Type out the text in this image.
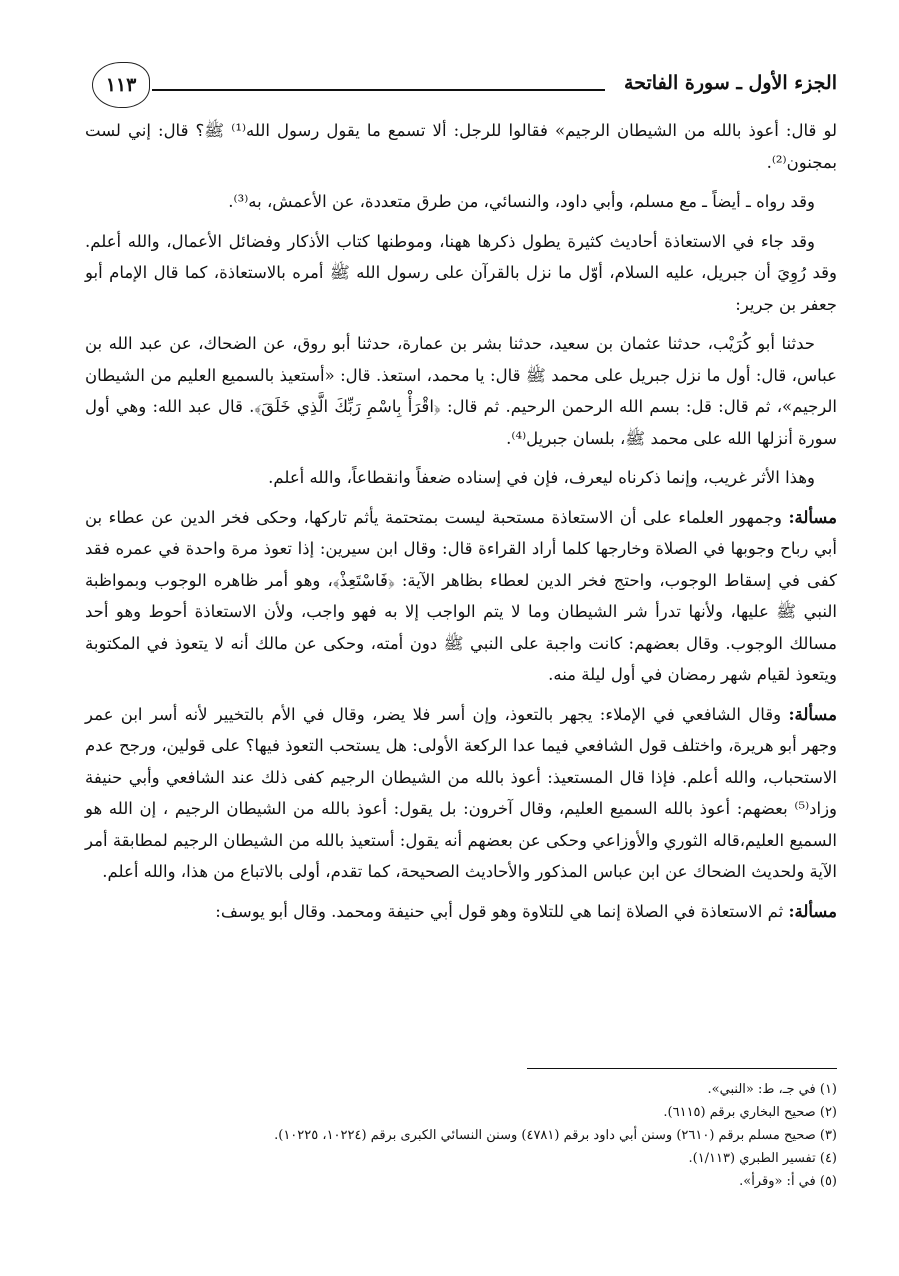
الجزء الأول ـ سورة الفاتحة
١١٣

لو قال: أعوذ بالله من الشيطان الرجيم» فقالوا للرجل: ألا تسمع ما يقول رسول الله⁽¹⁾ ﷺ؟ قال: إني لست بمجنون⁽²⁾.

وقد رواه ـ أيضاً ـ مع مسلم، وأبي داود، والنسائي، من طرق متعددة، عن الأعمش، به⁽³⁾.

وقد جاء في الاستعاذة أحاديث كثيرة يطول ذكرها ههنا، وموطنها كتاب الأذكار وفضائل الأعمال، والله أعلم. وقد رُوِيَ أن جبريل، عليه السلام، أوّل ما نزل بالقرآن على رسول الله ﷺ أمره بالاستعاذة، كما قال الإمام أبو جعفر بن جرير:

حدثنا أبو كُرَيْب، حدثنا عثمان بن سعيد، حدثنا بشر بن عمارة، حدثنا أبو روق، عن الضحاك، عن عبد الله بن عباس، قال: أول ما نزل جبريل على محمد ﷺ قال: يا محمد، استعذ. قال: «أستعيذ بالسميع العليم من الشيطان الرجيم»، ثم قال: قل: بسم الله الرحمن الرحيم. ثم قال: ﴿اقْرَأْ بِاسْمِ رَبِّكَ الَّذِي خَلَقَ﴾. قال عبد الله: وهي أول سورة أنزلها الله على محمد ﷺ، بلسان جبريل⁽⁴⁾.

وهذا الأثر غريب، وإنما ذكرناه ليعرف، فإن في إسناده ضعفاً وانقطاعاً، والله أعلم.

مسألة: وجمهور العلماء على أن الاستعاذة مستحبة ليست بمتحتمة يأثم تاركها، وحكى فخر الدين عن عطاء بن أبي رباح وجوبها في الصلاة وخارجها كلما أراد القراءة قال: وقال ابن سيرين: إذا تعوذ مرة واحدة في عمره فقد كفى في إسقاط الوجوب، واحتج فخر الدين لعطاء بظاهر الآية: ﴿فَاسْتَعِذْ﴾، وهو أمر ظاهره الوجوب وبمواظبة النبي ﷺ عليها، ولأنها تدرأ شر الشيطان وما لا يتم الواجب إلا به فهو واجب، ولأن الاستعاذة أحوط وهو أحد مسالك الوجوب. وقال بعضهم: كانت واجبة على النبي ﷺ دون أمته، وحكى عن مالك أنه لا يتعوذ في المكتوبة ويتعوذ لقيام شهر رمضان في أول ليلة منه.

مسألة: وقال الشافعي في الإملاء: يجهر بالتعوذ، وإن أسر فلا يضر، وقال في الأم بالتخيير لأنه أسر ابن عمر وجهر أبو هريرة، واختلف قول الشافعي فيما عدا الركعة الأولى: هل يستحب التعوذ فيها؟ على قولين، ورجح عدم الاستحباب، والله أعلم. فإذا قال المستعيذ: أعوذ بالله من الشيطان الرجيم كفى ذلك عند الشافعي وأبي حنيفة وزاد⁽⁵⁾ بعضهم: أعوذ بالله السميع العليم، وقال آخرون: بل يقول: أعوذ بالله من الشيطان الرجيم ، إن الله هو السميع العليم،قاله الثوري والأوزاعي وحكى عن بعضهم أنه يقول: أستعيذ بالله من الشيطان الرجيم لمطابقة أمر الآية ولحديث الضحاك عن ابن عباس المذكور والأحاديث الصحيحة، كما تقدم، أولى بالاتباع من هذا، والله أعلم.

مسألة: ثم الاستعاذة في الصلاة إنما هي للتلاوة وهو قول أبي حنيفة ومحمد. وقال أبو يوسف:

(١) في جـ، ط: «النبي».
(٢) صحيح البخاري برقم (٦١١٥).
(٣) صحيح مسلم برقم (٢٦١٠) وسنن أبي داود برقم (٤٧٨١) وسنن النسائي الكبرى برقم (١٠٢٢٤، ١٠٢٢٥).
(٤) تفسير الطبري (١/١١٣).
(٥) في أ: «وقرأ».
